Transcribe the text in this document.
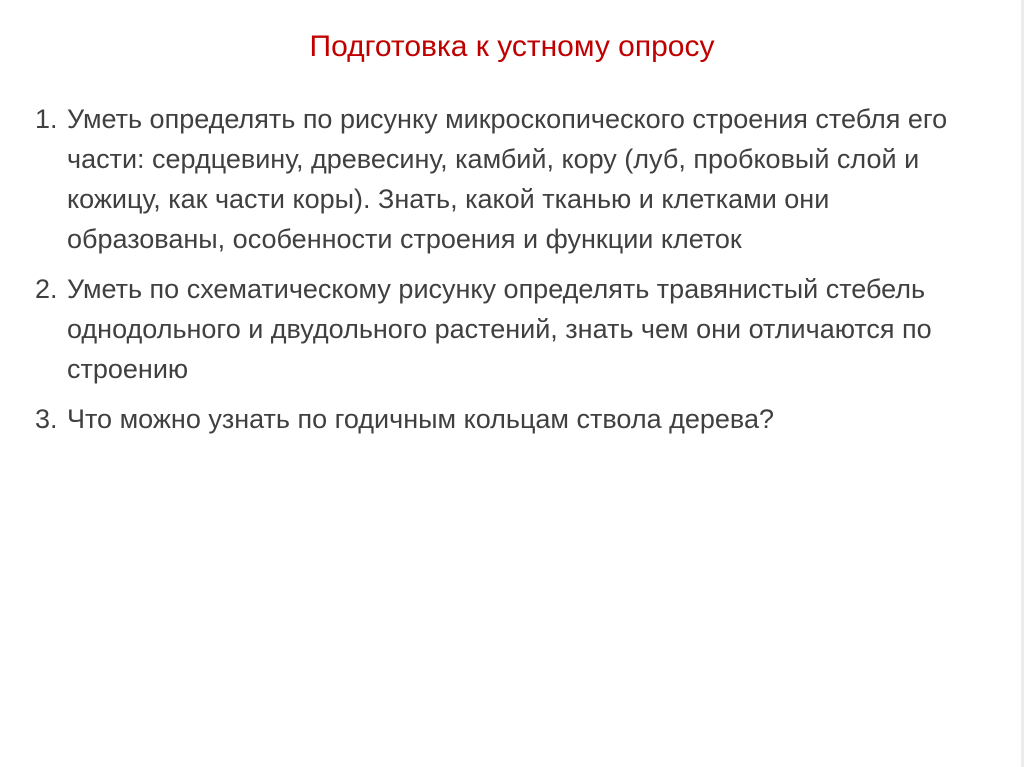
Подготовка к устному опросу
1. Уметь определять по рисунку микроскопического строения стебля его части: сердцевину, древесину, камбий, кору (луб, пробковый слой и кожицу, как части коры). Знать, какой тканью и клетками они образованы, особенности строения и функции клеток
2. Уметь по схематическому рисунку определять травянистый стебель однодольного и двудольного растений, знать чем они отличаются по строению
3. Что можно узнать по годичным кольцам ствола дерева?
